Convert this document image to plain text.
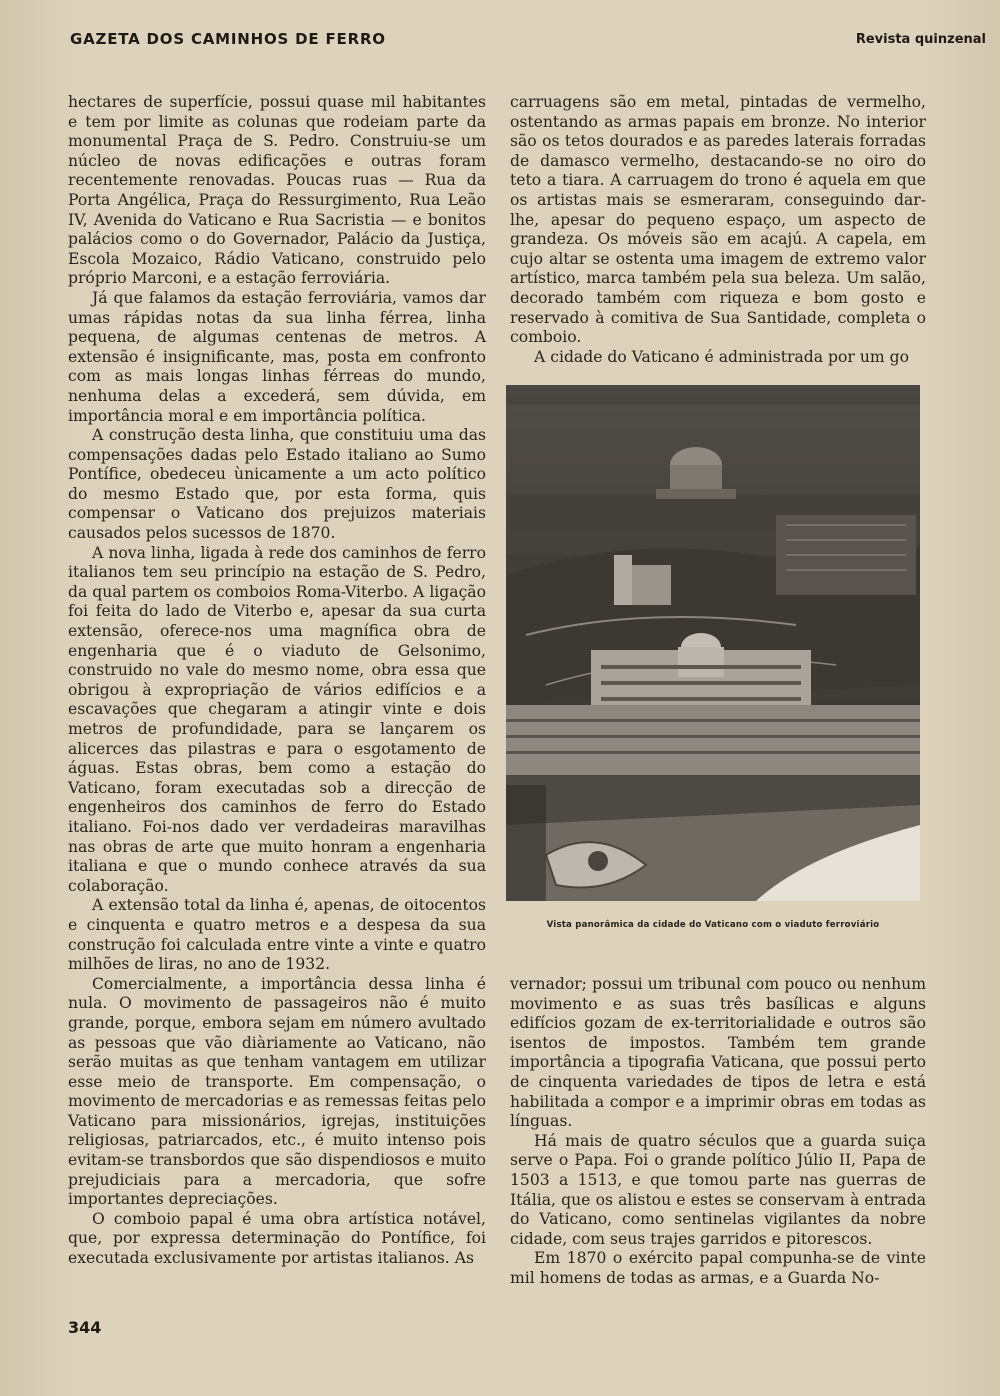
GAZETA DOS CAMINHOS DE FERRO	Revista quinzenal

hectares de superfície, possui quase mil habitantes e tem por limite as colunas que rodeiam parte da monumental Praça de S. Pedro. Construiu-se um núcleo de novas edificações e outras foram recentemente renovadas. Poucas ruas — Rua da Porta Angélica, Praça do Ressurgimento, Rua Leão IV, Avenida do Vaticano e Rua Sacristia — e bonitos palácios como o do Governador, Palácio da Justiça, Escola Mozaico, Rádio Vaticano, construido pelo próprio Marconi, e a estação ferroviária.

Já que falamos da estação ferroviária, vamos dar umas rápidas notas da sua linha férrea, linha pequena, de algumas centenas de metros. A extensão é insignificante, mas, posta em confronto com as mais longas linhas férreas do mundo, nenhuma delas a excederá, sem dúvida, em importância moral e em importância política.

A construção desta linha, que constituiu uma das compensações dadas pelo Estado italiano ao Sumo Pontífice, obedeceu ùnicamente a um acto político do mesmo Estado que, por esta forma, quis compensar o Vaticano dos prejuizos materiais causados pelos sucessos de 1870.

A nova linha, ligada à rede dos caminhos de ferro italianos tem seu princípio na estação de S. Pedro, da qual partem os comboios Roma-Viterbo. A ligação foi feita do lado de Viterbo e, apesar da sua curta extensão, oferece-nos uma magnífica obra de engenharia que é o viaduto de Gelsonimo, construido no vale do mesmo nome, obra essa que obrigou à expropriação de vários edifícios e a escavações que chegaram a atingir vinte e dois metros de profundidade, para se lançarem os alicerces das pilastras e para o esgotamento de águas. Estas obras, bem como a estação do Vaticano, foram executadas sob a direcção de engenheiros dos caminhos de ferro do Estado italiano. Foi-nos dado ver verdadeiras maravilhas nas obras de arte que muito honram a engenharia italiana e que o mundo conhece através da sua colaboração.

A extensão total da linha é, apenas, de oitocentos e cinquenta e quatro metros e a despesa da sua construção foi calculada entre vinte a vinte e quatro milhões de liras, no ano de 1932.

Comercialmente, a importância dessa linha é nula. O movimento de passageiros não é muito grande, porque, embora sejam em número avultado as pessoas que vão diàriamente ao Vaticano, não serão muitas as que tenham vantagem em utilizar esse meio de transporte. Em compensação, o movimento de mercadorias e as remessas feitas pelo Vaticano para missionários, igrejas, instituições religiosas, patriarcados, etc., é muito intenso pois evitam-se transbordos que são dispendiosos e muito prejudiciais para a mercadoria, que sofre importantes depreciações.

O comboio papal é uma obra artística notável, que, por expressa determinação do Pontífice, foi executada exclusivamente por artistas italianos. As

carruagens são em metal, pintadas de vermelho, ostentando as armas papais em bronze. No interior são os tetos dourados e as paredes laterais forradas de damasco vermelho, destacando-se no oiro do teto a tiara. A carruagem do trono é aquela em que os artistas mais se esmeraram, conseguindo dar-lhe, apesar do pequeno espaço, um aspecto de grandeza. Os móveis são em acajú. A capela, em cujo altar se ostenta uma imagem de extremo valor artístico, marca também pela sua beleza. Um salão, decorado também com riqueza e bom gosto e reservado à comitiva de Sua Santidade, completa o comboio.

A cidade do Vaticano é administrada por um go

Vista panorâmica da cidade do Vaticano com o viaduto ferroviário

vernador; possui um tribunal com pouco ou nenhum movimento e as suas três basílicas e alguns edifícios gozam de ex-territorialidade e outros são isentos de impostos. Também tem grande importância a tipografia Vaticana, que possui perto de cinquenta variedades de tipos de letra e está habilitada a compor e a imprimir obras em todas as línguas.

Há mais de quatro séculos que a guarda suiça serve o Papa. Foi o grande político Júlio II, Papa de 1503 a 1513, e que tomou parte nas guerras de Itália, que os alistou e estes se conservam à entrada do Vaticano, como sentinelas vigilantes da nobre cidade, com seus trajes garridos e pitorescos.

Em 1870 o exército papal compunha-se de vinte mil homens de todas as armas, e a Guarda No-

344
